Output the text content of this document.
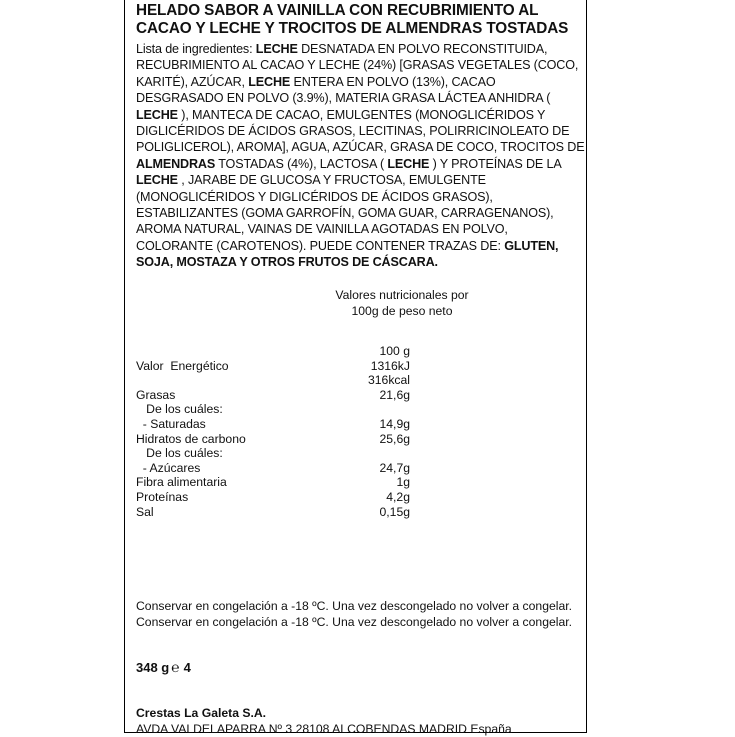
HELADO SABOR A VAINILLA CON RECUBRIMIENTO AL CACAO Y LECHE Y TROCITOS DE ALMENDRAS TOSTADAS
Lista de ingredientes: LECHE DESNATADA EN POLVO RECONSTITUIDA, RECUBRIMIENTO AL CACAO Y LECHE (24%) [GRASAS VEGETALES (COCO, KARITÉ), AZÚCAR, LECHE ENTERA EN POLVO (13%), CACAO DESGRASADO EN POLVO (3.9%), MATERIA GRASA LÁCTEA ANHIDRA ( LECHE ), MANTECA DE CACAO, EMULGENTES (MONOGLICÉRIDOS Y DIGLICÉRIDOS DE ÁCIDOS GRASOS, LECITINAS, POLIRRICINOLEATO DE POLIGLICEROL), AROMA], AGUA, AZÚCAR, GRASA DE COCO, TROCITOS DE ALMENDRAS TOSTADAS (4%), LACTOSA ( LECHE ) Y PROTEÍNAS DE LA LECHE , JARABE DE GLUCOSA Y FRUCTOSA, EMULGENTE (MONOGLICÉRIDOS Y DIGLICÉRIDOS DE ÁCIDOS GRASOS), ESTABILIZANTES (GOMA GARROFÍN, GOMA GUAR, CARRAGENANOS), AROMA NATURAL, VAINAS DE VAINILLA AGOTADAS EN POLVO, COLORANTE (CAROTENOS). PUEDE CONTENER TRAZAS DE: GLUTEN, SOJA, MOSTAZA Y OTROS FRUTOS DE CÁSCARA.
Valores nutricionales por
100g de peso neto
100 g
Valor  Energético	1316kJ
316kcal
Grasas	21,6g
De los cuáles:
- Saturadas	14,9g
Hidratos de carbono	25,6g
De los cuáles:
- Azúcares	24,7g
Fibra alimentaria	1g
Proteínas	4,2g
Sal	0,15g
Conservar en congelación a -18 ºC. Una vez descongelado no volver a congelar.
Conservar en congelación a -18 ºC. Una vez descongelado no volver a congelar.
348 g ℮ 4
Crestas La Galeta S.A.
AVDA VALDELAPARRA Nº 3 28108 ALCOBENDAS MADRID España
